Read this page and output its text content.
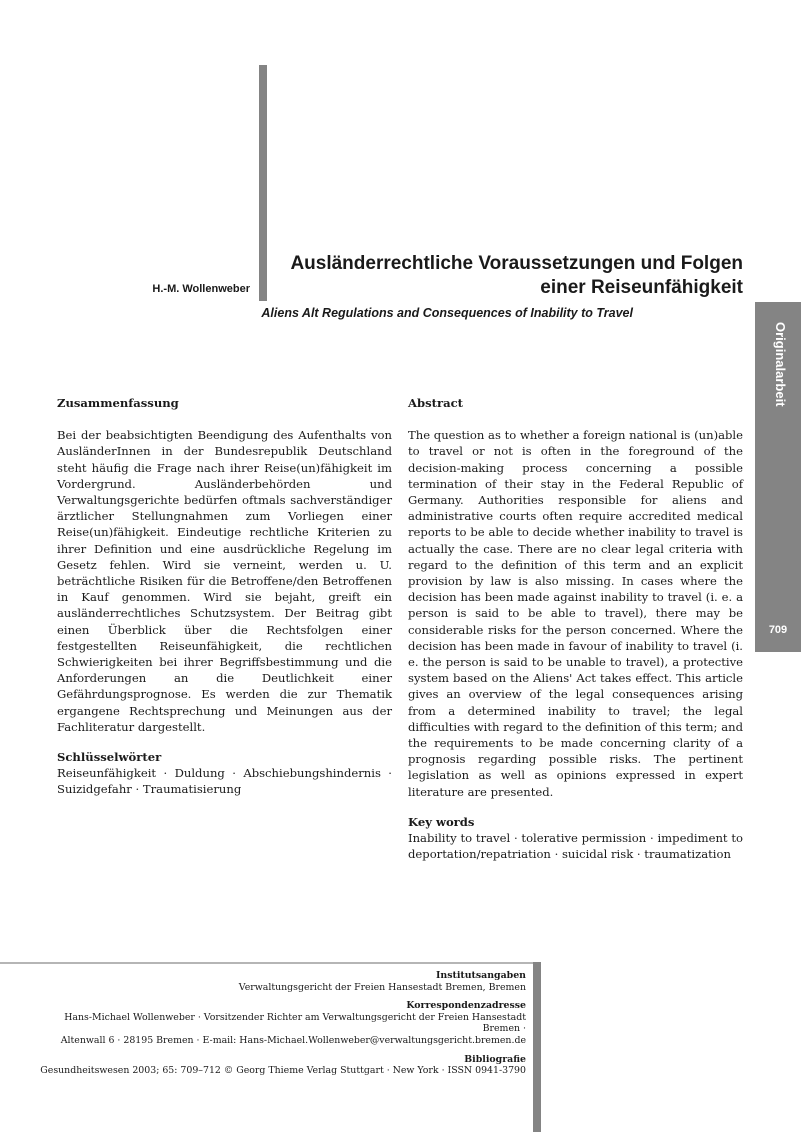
H.-M. Wollenweber
Ausländerrechtliche Voraussetzungen und Folgen
einer Reiseunfähigkeit
Aliens Alt Regulations and Consequences of Inability to Travel
Originalarbeit
709

Zusammenfassung

Bei der beabsichtigten Beendigung des Aufenthalts von AusländerInnen in der Bundesrepublik Deutschland steht häufig die Frage nach ihrer Reise(un)fähigkeit im Vordergrund. Ausländerbehörden und Verwaltungsgerichte bedürfen oftmals sachverständiger ärztlicher Stellungnahmen zum Vorliegen einer Reise(un)fähigkeit. Eindeutige rechtliche Kriterien zu ihrer Definition und eine ausdrückliche Regelung im Gesetz fehlen. Wird sie verneint, werden u. U. beträchtliche Risiken für die Betroffene/den Betroffenen in Kauf genommen. Wird sie bejaht, greift ein ausländerrechtliches Schutzsystem. Der Beitrag gibt einen Überblick über die Rechtsfolgen einer festgestellten Reiseunfähigkeit, die rechtlichen Schwierigkeiten bei ihrer Begriffsbestimmung und die Anforderungen an die Deutlichkeit einer Gefährdungsprognose. Es werden die zur Thematik ergangene Rechtsprechung und Meinungen aus der Fachliteratur dargestellt.

Schlüsselwörter

Reiseunfähigkeit · Duldung · Abschiebungshindernis · Suizidgefahr · Traumatisierung

Abstract

The question as to whether a foreign national is (un)able to travel or not is often in the foreground of the decision-making process concerning a possible termination of their stay in the Federal Republic of Germany. Authorities responsible for aliens and administrative courts often require accredited medical reports to be able to decide whether inability to travel is actually the case. There are no clear legal criteria with regard to the definition of this term and an explicit provision by law is also missing. In cases where the decision has been made against inability to travel (i. e. a person is said to be able to travel), there may be considerable risks for the person concerned. Where the decision has been made in favour of inability to travel (i. e. the person is said to be unable to travel), a protective system based on the Aliens' Act takes effect. This article gives an overview of the legal consequences arising from a determined inability to travel; the legal difficulties with regard to the definition of this term; and the requirements to be made concerning clarity of a prognosis regarding possible risks. The pertinent legislation as well as opinions expressed in expert literature are presented.

Key words

Inability to travel · tolerative permission · impediment to deportation/repatriation · suicidal risk · traumatization

Institutsangaben

Verwaltungsgericht der Freien Hansestadt Bremen, Bremen

Korrespondenzadresse

Hans-Michael Wollenweber · Vorsitzender Richter am Verwaltungsgericht der Freien Hansestadt Bremen ·

Altenwall 6 · 28195 Bremen · E-mail: Hans-Michael.Wollenweber@verwaltungsgericht.bremen.de

Bibliografie

Gesundheitswesen 2003; 65: 709–712 © Georg Thieme Verlag Stuttgart · New York · ISSN 0941-3790
